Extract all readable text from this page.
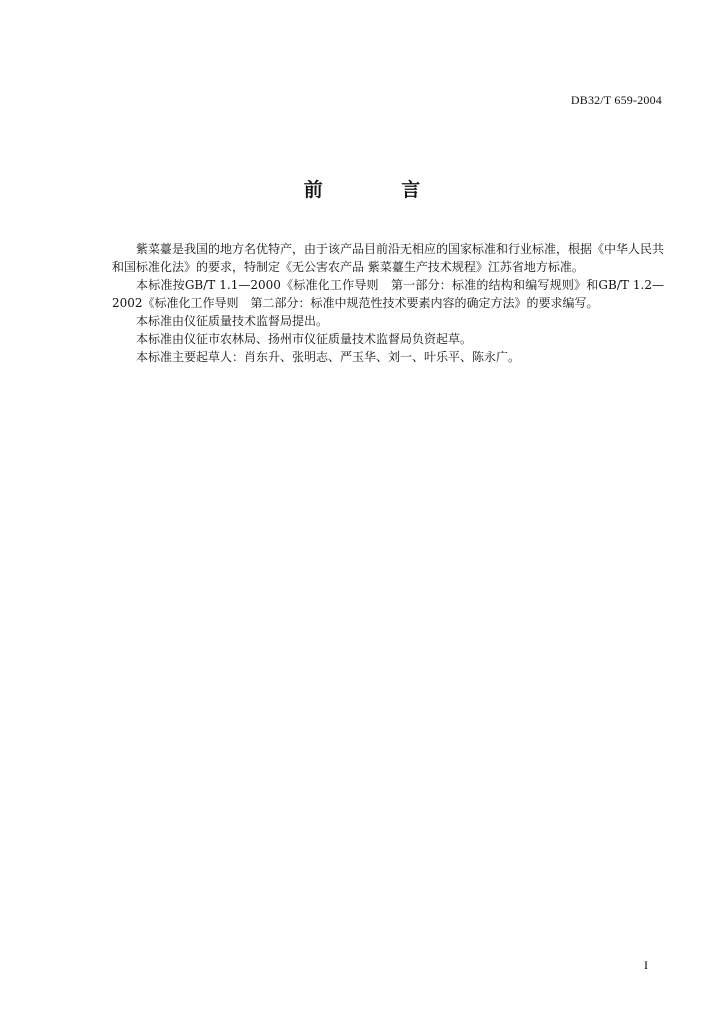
DB32/T 659-2004
前 言

紫菜薹是我国的地方名优特产，由于该产品目前沿无相应的国家标准和行业标准，根据《中华人民共和国标准化法》的要求，特制定《无公害农产品 紫菜薹生产技术规程》江苏省地方标准。

本标准按GB/T 1.1—2000《标准化工作导则　第一部分：标准的结构和编写规则》和GB/T 1.2—2002《标准化工作导则　第二部分：标准中规范性技术要素内容的确定方法》的要求编写。

本标准由仪征质量技术监督局提出。

本标准由仪征市农林局、扬州市仪征质量技术监督局负资起草。

本标准主要起草人：肖东升、张明志、严玉华、刘一、叶乐平、陈永广。

I
